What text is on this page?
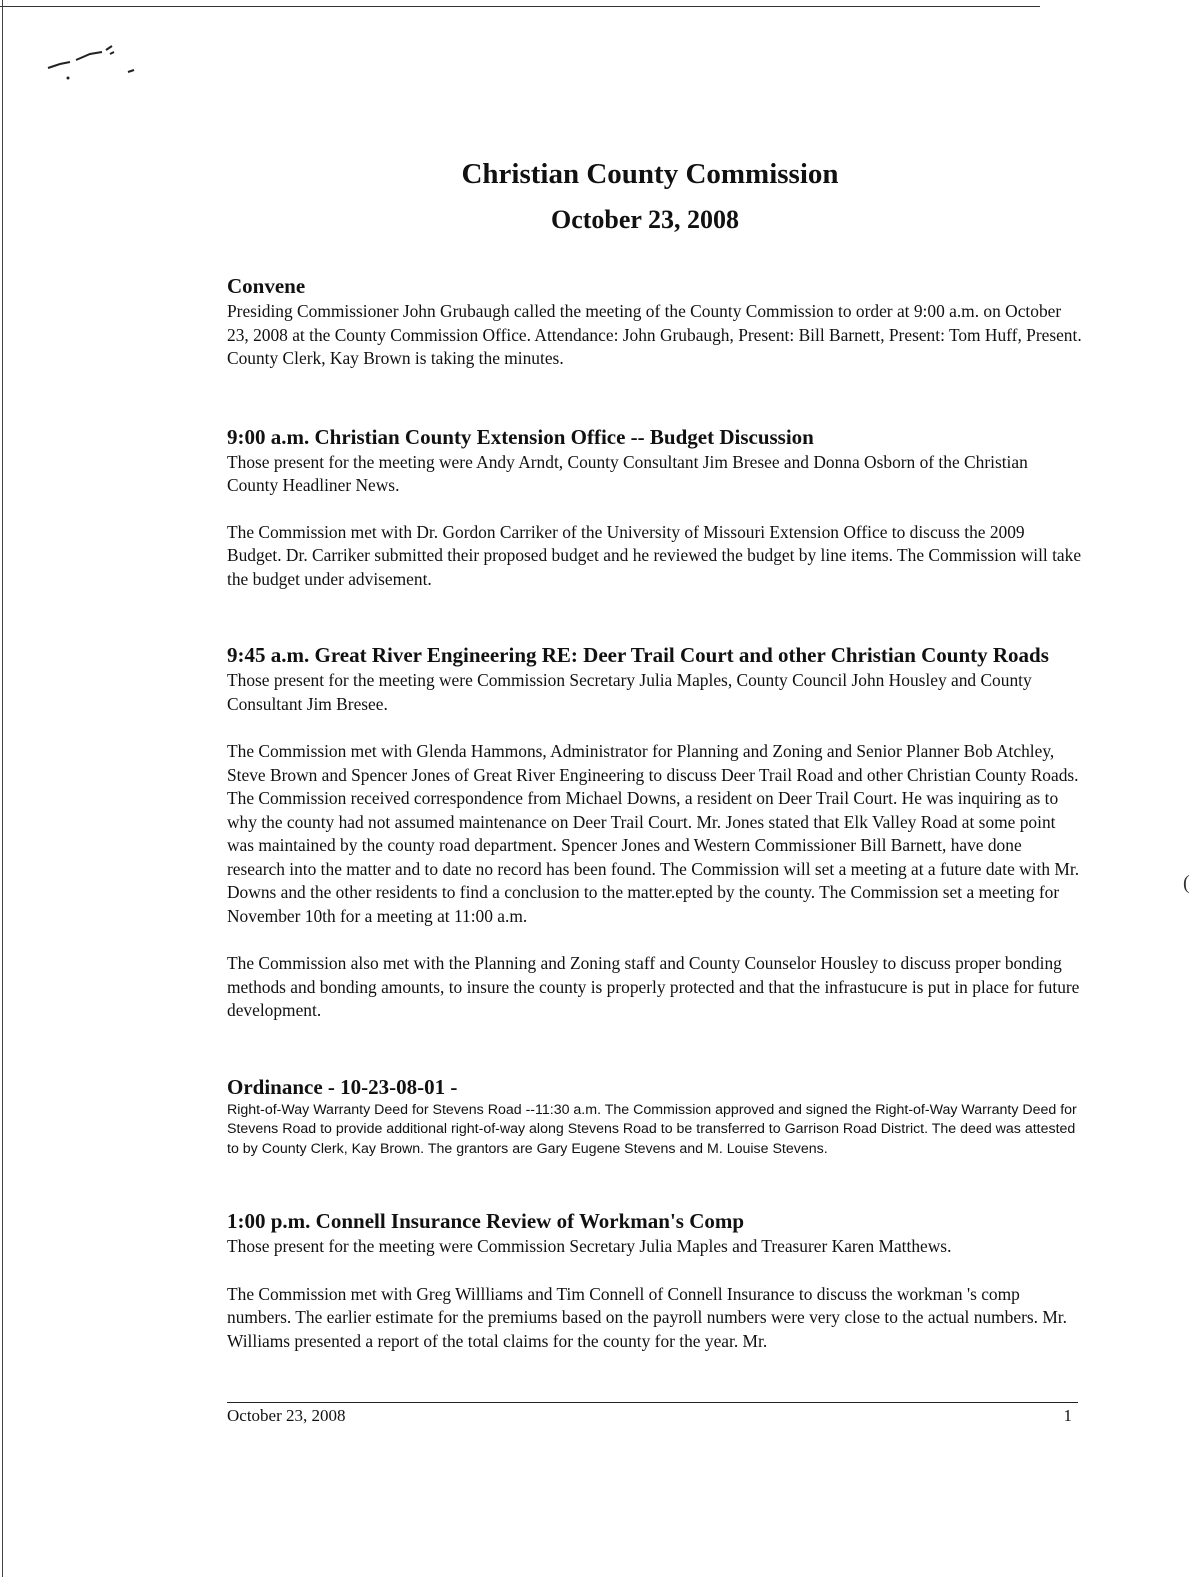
Christian County Commission
October 23, 2008
Convene

Presiding Commissioner John Grubaugh called the meeting of the County Commission to order at 9:00 a.m. on October 23, 2008 at the County Commission Office. Attendance: John Grubaugh, Present: Bill Barnett, Present: Tom Huff, Present. County Clerk, Kay Brown is taking the minutes.

9:00 a.m. Christian County Extension Office -- Budget Discussion

Those present for the meeting were Andy Arndt, County Consultant Jim Bresee and Donna Osborn of the Christian County Headliner News.

The Commission met with Dr. Gordon Carriker of the University of Missouri Extension Office to discuss the 2009 Budget. Dr. Carriker submitted their proposed budget and he reviewed the budget by line items. The Commission will take the budget under advisement.

9:45 a.m. Great River Engineering RE: Deer Trail Court and other Christian County Roads

Those present for the meeting were Commission Secretary Julia Maples, County Council John Housley and County Consultant Jim Bresee.

The Commission met with Glenda Hammons, Administrator for Planning and Zoning and Senior Planner Bob Atchley, Steve Brown and Spencer Jones of Great River Engineering to discuss Deer Trail Road and other Christian County Roads. The Commission received correspondence from Michael Downs, a resident on Deer Trail Court. He was inquiring as to why the county had not assumed maintenance on Deer Trail Court. Mr. Jones stated that Elk Valley Road at some point was maintained by the county road department. Spencer Jones and Western Commissioner Bill Barnett, have done research into the matter and to date no record has been found. The Commission will set a meeting at a future date with Mr. Downs and the other residents to find a conclusion to the matter.epted by the county. The Commission set a meeting for November 10th for a meeting at 11:00 a.m.

The Commission also met with the Planning and Zoning staff and County Counselor Housley to discuss proper bonding methods and bonding amounts, to insure the county is properly protected and that the infrastucure is put in place for future development.

Ordinance - 10-23-08-01 -

Right-of-Way Warranty Deed for Stevens Road --11:30 a.m. The Commission approved and signed the Right-of-Way Warranty Deed for Stevens Road to provide additional right-of-way along Stevens Road to be transferred to Garrison Road District. The deed was attested to by County Clerk, Kay Brown. The grantors are Gary Eugene Stevens and M. Louise Stevens.

1:00 p.m. Connell Insurance Review of Workman's Comp

Those present for the meeting were Commission Secretary Julia Maples and Treasurer Karen Matthews.

The Commission met with Greg Willliams and Tim Connell of Connell Insurance to discuss the workman 's comp numbers. The earlier estimate for the premiums based on the payroll numbers were very close to the actual numbers. Mr. Williams presented a report of the total claims for the county for the year. Mr.

October 23, 2008	1
(
